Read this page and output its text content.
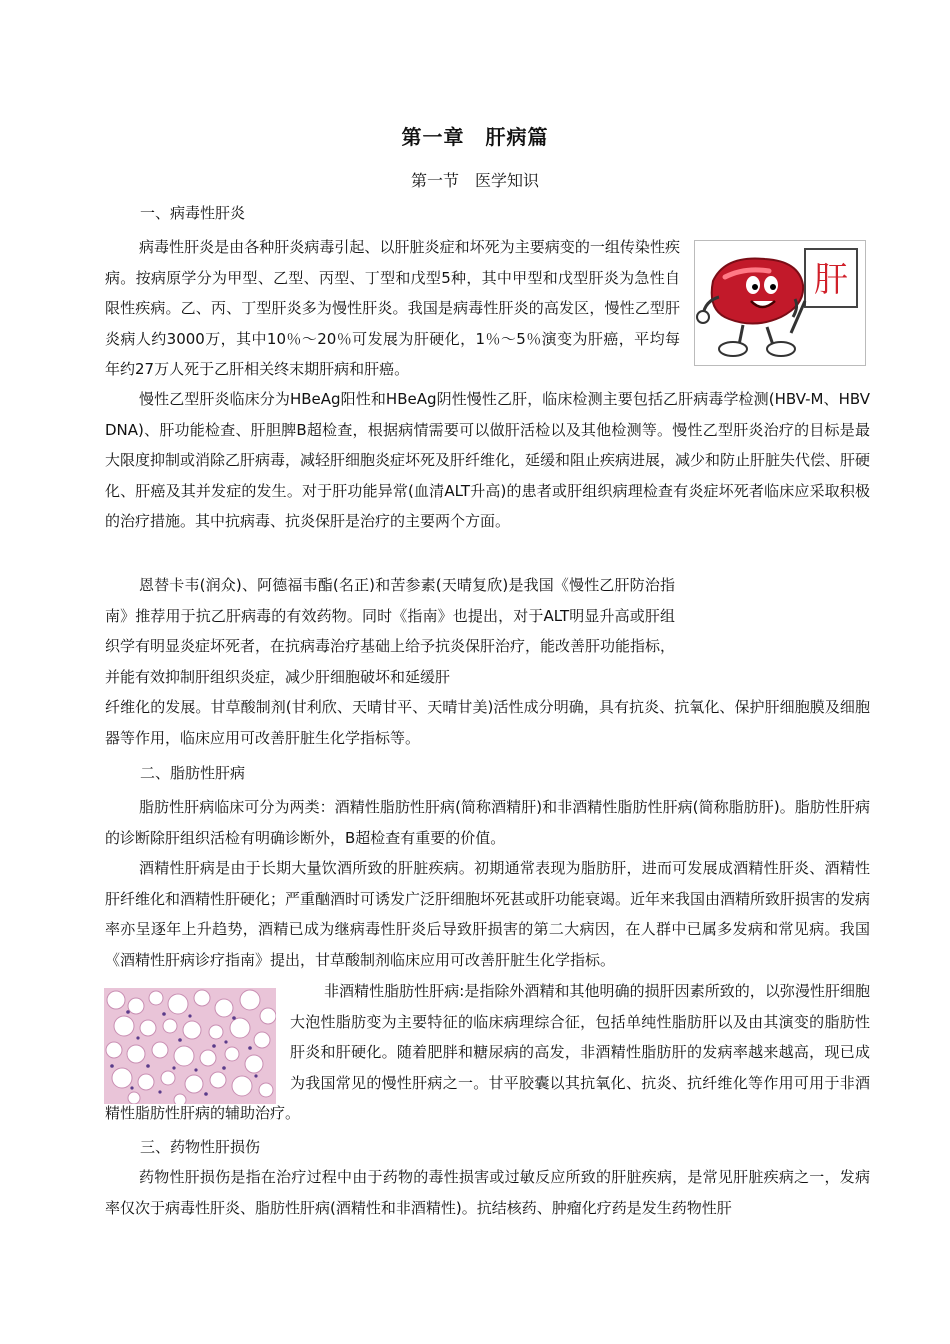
第一章　肝病篇
第一节　医学知识
一、病毒性肝炎

病毒性肝炎是由各种肝炎病毒引起、以肝脏炎症和坏死为主要病变的一组传染性疾病。按病原学分为甲型、乙型、丙型、丁型和戊型5种，其中甲型和戊型肝炎为急性自限性疾病。乙、丙、丁型肝炎多为慢性肝炎。我国是病毒性肝炎的高发区，慢性乙型肝炎病人约3000万，其中10％～20％可发展为肝硬化，1％～5％演变为肝癌，平均每年约27万人死于乙肝相关终末期肝病和肝癌。

肝

慢性乙型肝炎临床分为HBeAg阳性和HBeAg阴性慢性乙肝，临床检测主要包括乙肝病毒学检测(HBV-M、HBVDNA)、肝功能检查、肝胆脾B超检查，根据病情需要可以做肝活检以及其他检测等。慢性乙型肝炎治疗的目标是最大限度抑制或消除乙肝病毒，减轻肝细胞炎症坏死及肝纤维化，延缓和阻止疾病进展，减少和防止肝脏失代偿、肝硬化、肝癌及其并发症的发生。对于肝功能异常(血清ALT升高)的患者或肝组织病理检查有炎症坏死者临床应采取积极的治疗措施。其中抗病毒、抗炎保肝是治疗的主要两个方面。

恩替卡韦(润众)、阿德福韦酯(名正)和苦参素(天晴复欣)是我国《慢性乙肝防治指南》推荐用于抗乙肝病毒的有效药物。同时《指南》也提出，对于ALT明显升高或肝组织学有明显炎症坏死者，在抗病毒治疗基础上给予抗炎保肝治疗，能改善肝功能指标，并能有效抑制肝组织炎症，减少肝细胞破坏和延缓肝

纤维化的发展。甘草酸制剂(甘利欣、天晴甘平、天晴甘美)活性成分明确，具有抗炎、抗氧化、保护肝细胞膜及细胞器等作用，临床应用可改善肝脏生化学指标等。

二、脂肪性肝病

脂肪性肝病临床可分为两类：酒精性脂肪性肝病(简称酒精肝)和非酒精性脂肪性肝病(简称脂肪肝)。脂肪性肝病的诊断除肝组织活检有明确诊断外，B超检查有重要的价值。

酒精性肝病是由于长期大量饮酒所致的肝脏疾病。初期通常表现为脂肪肝，进而可发展成酒精性肝炎、酒精性肝纤维化和酒精性肝硬化；严重酗酒时可诱发广泛肝细胞坏死甚或肝功能衰竭。近年来我国由酒精所致肝损害的发病率亦呈逐年上升趋势，酒精已成为继病毒性肝炎后导致肝损害的第二大病因，在人群中已属多发病和常见病。我国《酒精性肝病诊疗指南》提出，甘草酸制剂临床应用可改善肝脏生化学指标。

非酒精性脂肪性肝病:是指除外酒精和其他明确的损肝因素所致的，以弥漫性肝细胞大泡性脂肪变为主要特征的临床病理综合征，包括单纯性脂肪肝以及由其演变的脂肪性肝炎和肝硬化。随着肥胖和糖尿病的高发，非酒精性脂肪肝的发病率越来越高，现已成为我国常见的慢性肝病之一。甘平胶囊以其抗氧化、抗炎、抗纤维化等作用可用于非酒精性脂肪性肝病的辅助治疗。

三、药物性肝损伤

药物性肝损伤是指在治疗过程中由于药物的毒性损害或过敏反应所致的肝脏疾病，是常见肝脏疾病之一，发病率仅次于病毒性肝炎、脂肪性肝病(酒精性和非酒精性)。抗结核药、肿瘤化疗药是发生药物性肝
